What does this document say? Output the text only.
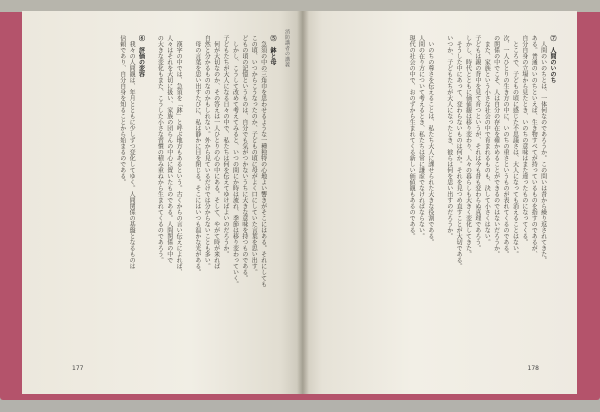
⑤　鉢と母
　急須の中の三角巾を思わせるような一種独特の心地よい響きがそこにはある。それにしても
この頃、いつからこうなったのか、子どもの頃に母がよく口にしていた言葉を思い出す。
どもの頃の記憶というものは、自分でも気がつかないうちに大きな意味を持つものである。
　しかし、こうして改めて考えてみると、いつの間にか時は流れ、季節は移り変わっていく。
子どもたちが大人になる日々の中で、私たちは何を伝えてゆけばよいのだろうか。
　何が大切なのか、その答えは一人ひとりの心の中にある。そして、やがて時が来れば
自然と分かるものなのかもしれない。外から見ているだけでは分からないことも多い。
　母の言葉を思い出すたびに、私は静かに目を閉じる。そこにはいつも温かな光がある。

　漢字の中では、急須を「鉢」と呼ぶ地方もあるという。古くからの言い伝えによれば、
人々はそれを大切に扱い、家族の団らんの中心に置いたものである。人間関係の中で
の大きな変化もまた、こうした小さな習慣の積み重ねから生まれてくるのであろう。

⑥　評価の変容
　我々の人間観は、年月とともに少しずつ変化してゆく。人間関係の基盤となるものは
信頼であり、自分自身を知ることから始まるのである。	消防講者の講義
177
⑦　人間のいのち
　人間のいのちとは、一体何なのであろうか。この問いは昔から繰り返されてきた。
ある。普通のいのちといえば、生き物すべてが持っているものを指すのであるが、
自分自身の立場から見たとき、いのちの意味はまた違ったものになってくる。
　ところで、子どもの頃に感じた不思議さは、大人になっても消えることはない。
次、一人ひとりの生き方の中に、いのちの重さというものが表れてくるのである。
の関係の中でこそ、人は自分の存在を確かめることができるのではないだろうか。
　また、家族という小さな社会の中で育まれるものも、決して小さくはない。
子どもは親の背中を見て育つというが、それは今も昔も変わらぬ真理であろう。
しかし、時代とともに価値観は移り変わり、人々の暮らしも大きく変化してきた。
　そうした中にあって、変わらないものは何か。それを見つめ直すことが大切である。
いつか、子どもたちが大人になったとき、彼らは何を思い出すのだろうか。

　いのちの尊さを伝えることは、私たち大人に課せられた大きな役割である。
人間の在り方について考えるとき、私たちは常に謙虚でなければならない。
現代の社会の中で、おのずから生まれてくる新しい価値観もあるのである。
178
